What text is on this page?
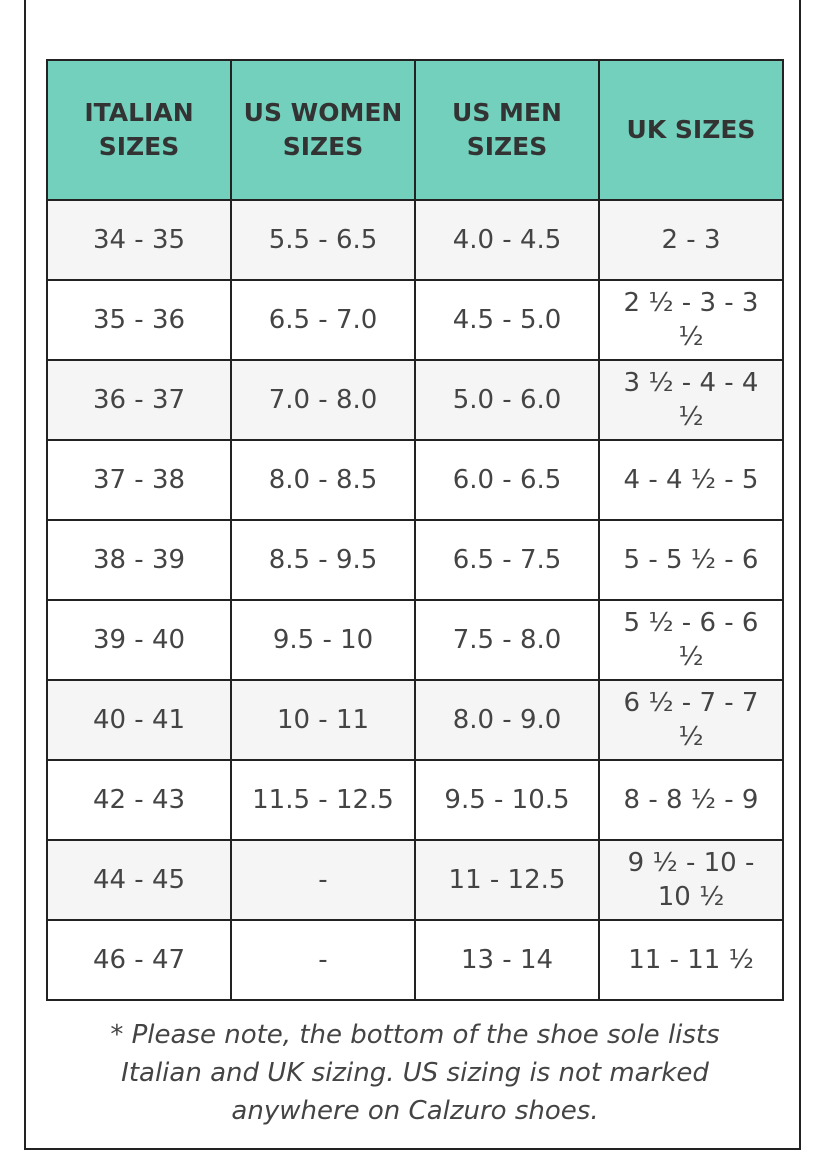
ITALIAN SIZES	US WOMEN SIZES	US MEN SIZES	UK SIZES
34 - 35	5.5 - 6.5	4.0 - 4.5	2 - 3
35 - 36	6.5 - 7.0	4.5 - 5.0	2 ½ - 3 - 3 ½
36 - 37	7.0 - 8.0	5.0 - 6.0	3 ½ - 4 - 4 ½
37 - 38	8.0 - 8.5	6.0 - 6.5	4 - 4 ½ - 5
38 - 39	8.5 - 9.5	6.5 - 7.5	5 - 5 ½ - 6
39 - 40	9.5 - 10	7.5 - 8.0	5 ½ - 6 - 6 ½
40 - 41	10 - 11	8.0 - 9.0	6 ½ - 7 - 7 ½
42 - 43	11.5 - 12.5	9.5 - 10.5	8 - 8 ½ - 9
44 - 45	-	11 - 12.5	9 ½ - 10 - 10 ½
46 - 47	-	13 - 14	11 - 11 ½
* Please note, the bottom of the shoe sole lists Italian and UK sizing. US sizing is not marked anywhere on Calzuro shoes.
